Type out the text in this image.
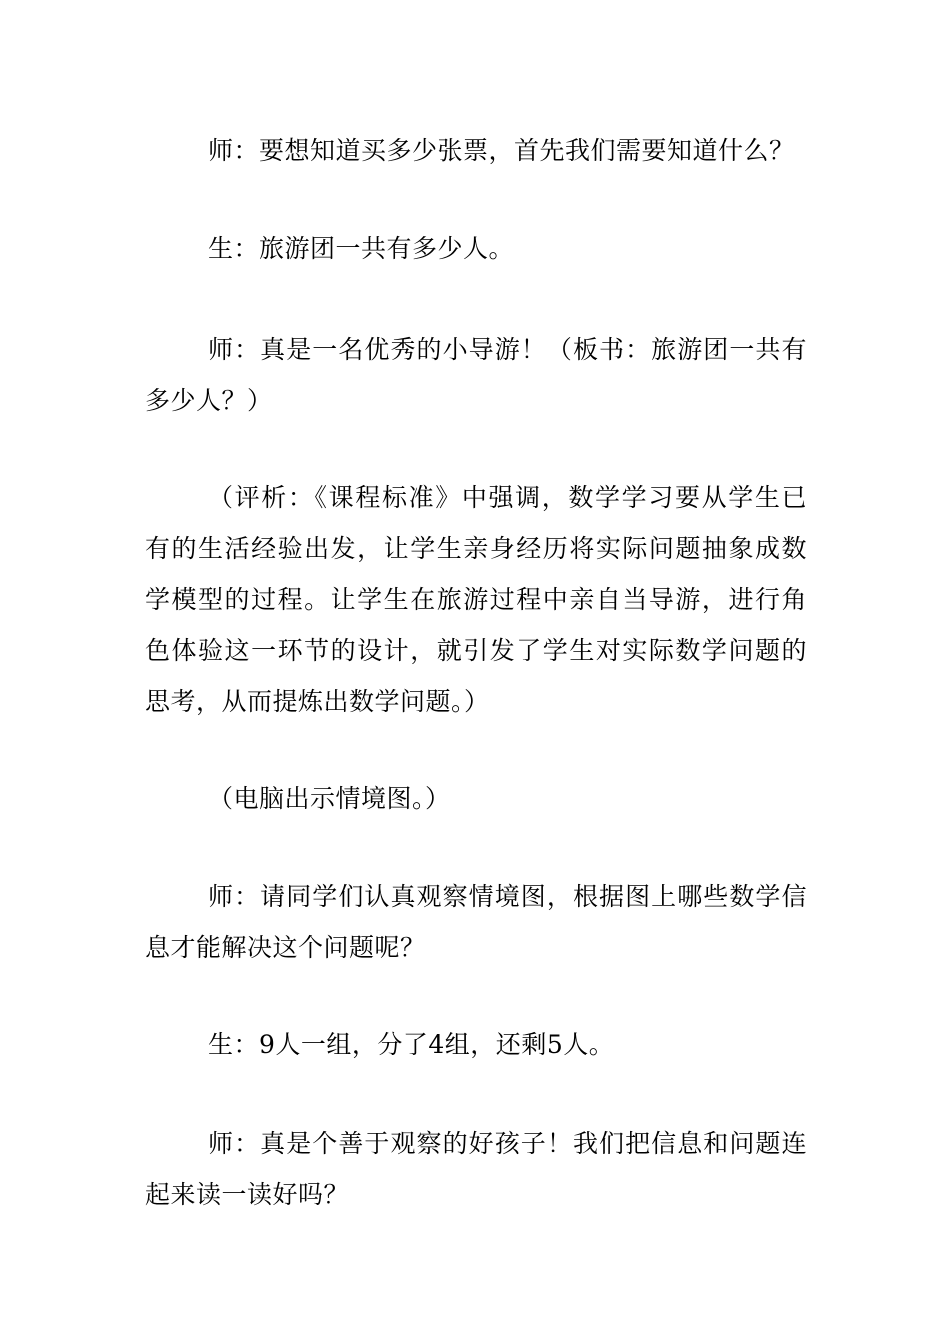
师：要想知道买多少张票，首先我们需要知道什么？

生：旅游团一共有多少人。

师：真是一名优秀的小导游！（板书：旅游团一共有多少人？）

（评析：《课程标准》中强调，数学学习要从学生已有的生活经验出发，让学生亲身经历将实际问题抽象成数学模型的过程。让学生在旅游过程中亲自当导游，进行角色体验这一环节的设计，就引发了学生对实际数学问题的思考，从而提炼出数学问题。）

（电脑出示情境图。）

师：请同学们认真观察情境图，根据图上哪些数学信息才能解决这个问题呢？

生：9人一组，分了4组，还剩5人。

师：真是个善于观察的好孩子！我们把信息和问题连起来读一读好吗？
